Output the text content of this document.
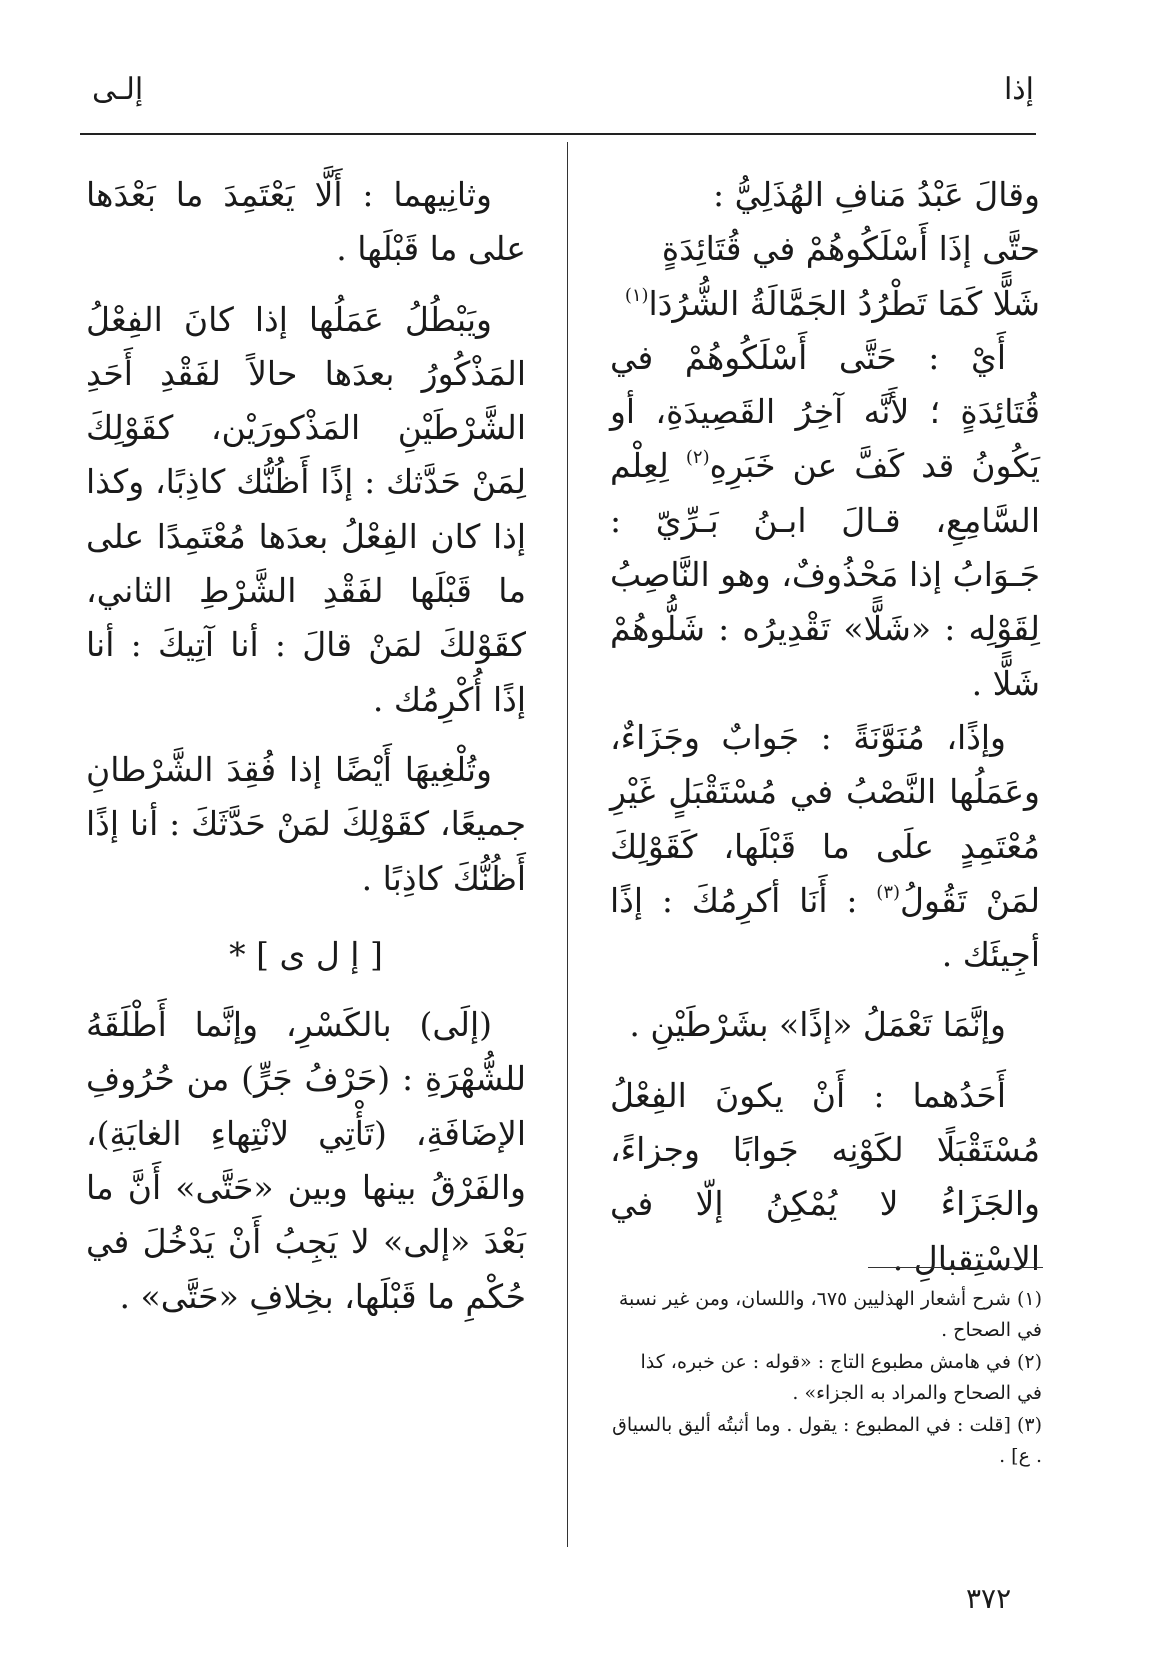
إذا
إلـى

وقالَ عَبْدُ مَنافِ الهُذَلِيُّ :

حتَّى إذَا أَسْلَكُوهُمْ في قُتَائِدَةٍ

شَلًّا كَمَا تَطْرُدُ الجَمَّالَةُ الشُّرُدَا$^{(١)}$

أَيْ : حَتَّى أَسْلَكُوهُمْ في قُتَائِدَةٍ ؛ لأَنَّه آخِرُ القَصِيدَةِ، أو يَكُونُ قد كَفَّ عن خَبَرِهِ$^{(٢)}$ لِعِلْم السَّامِعِ، قـالَ ابـنُ بَـرِّيّ : جَـوَابُ إذا مَحْذُوفٌ، وهو النَّاصِبُ لِقَوْلِه : «شَلًّا» تَقْدِيرُه : شَلُّوهُمْ شَلًّا .

وإذًا، مُنَوَّنَةً : جَوابٌ وجَزَاءٌ، وعَمَلُها النَّصْبُ في مُسْتَقْبَلٍ غَيْرِ مُعْتَمِدٍ علَى ما قَبْلَها، كَقَوْلِكَ لمَنْ تَقُولُ$^{(٣)}$ : أَنَا أكرِمُكَ : إذًا أجِيئَك .

وإنَّمَا تَعْمَلُ «إذًا» بشَرْطَيْنِ .

أَحَدُهما : أَنْ يكونَ الفِعْلُ مُسْتَقْبَلًا لكَوْنِه جَوابًا وجزاءً، والجَزَاءُ لا يُمْكِنُ إلّا في الاسْتِقبالِ .

وثانِيهما : أَلَّا يَعْتَمِدَ ما بَعْدَها على ما قَبْلَها .

ويَبْطُلُ عَمَلُها إذا كانَ الفِعْلُ المَذْكُورُ بعدَها حالاً لفَقْدِ أَحَدِ الشَّرْطَيْنِ المَذْكورَيْن، كقَوْلِكَ لِمَنْ حَدَّثك : إذًا أَظُنُّك كاذِبًا، وكذا إذا كان الفِعْلُ بعدَها مُعْتَمِدًا على ما قَبْلَها لفَقْدِ الشَّرْطِ الثاني، كقَوْلكَ لمَنْ قالَ : أنا آتِيكَ : أنا إذًا أُكْرِمُك .

وتُلْغِيهَا أَيْضًا إذا فُقِدَ الشَّرْطانِ جميعًا، كقَوْلِكَ لمَنْ حَدَّثَكَ : أنا إذًا أَظُنُّكَ كاذِبًا .

[ إ ل ى ] *

(إلَى) بالكَسْرِ، وإنَّما أَطْلَقَهُ للشُّهْرَةِ : (حَرْفُ جَرٍّ) من حُرُوفِ الإضَافَةِ، (تَأْتِي لانْتِهاءِ الغايَةِ)، والفَرْقُ بينها وبين «حَتَّى» أَنَّ ما بَعْدَ «إلى» لا يَجِبُ أَنْ يَدْخُلَ في حُكْمِ ما قَبْلَها، بخِلافِ «حَتَّى» .	(١) شرح أشعار الهذليين ٦٧٥، واللسان، ومن غير نسبة في الصحاح .

(٢) في هامش مطبوع التاج : «قوله : عن خبره، كذا في الصحاح والمراد به الجزاء» .

(٣) [قلت : في المطبوع : يقول . وما أثبتُه أليق بالسياق . ع] .

٣٧٢
